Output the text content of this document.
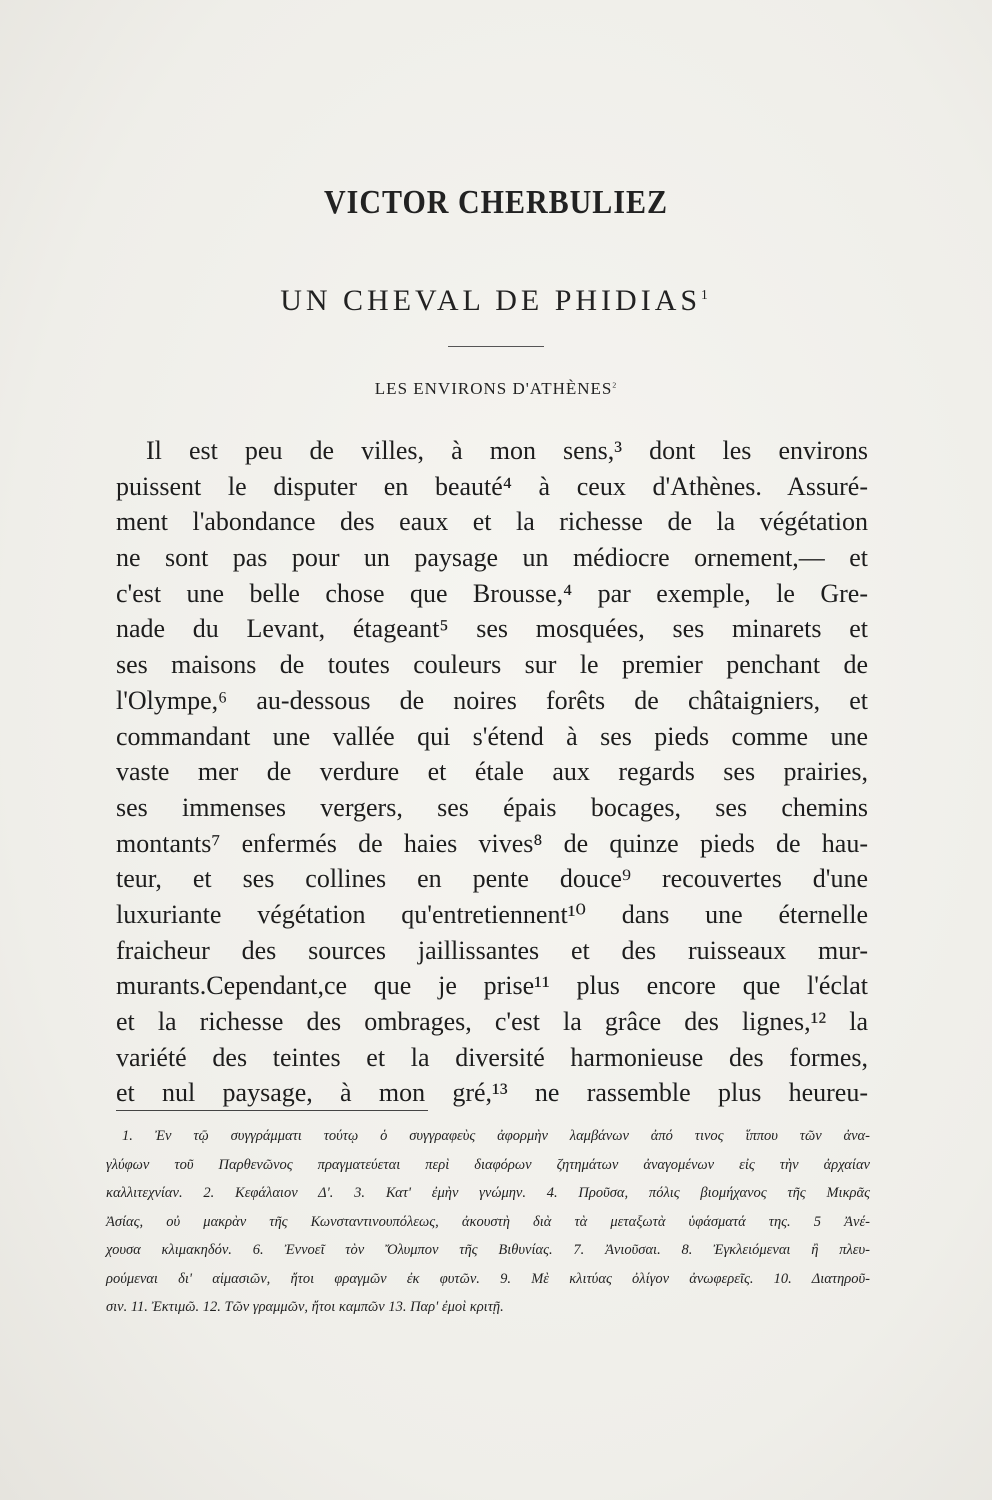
VICTOR CHERBULIEZ
UN CHEVAL DE PHIDIAS$^1$
LES ENVIRONS D'ATHÈNES$^2$
Il est peu de villes, à mon sens,³ dont les environs
puissent le disputer en beauté⁴ à ceux d'Athènes. Assuré-
ment l'abondance des eaux et la richesse de la végétation
ne sont pas pour un paysage un médiocre ornement,— et
c'est une belle chose que Brousse,⁴ par exemple, le Gre-
nade du Levant, étageant⁵ ses mosquées, ses minarets et
ses maisons de toutes couleurs sur le premier penchant de
l'Olympe,⁶ au-dessous de noires forêts de châtaigniers, et
commandant une vallée qui s'étend à ses pieds comme une
vaste mer de verdure et étale aux regards ses prairies,
ses immenses vergers, ses épais bocages, ses chemins
montants⁷ enfermés de haies vives⁸ de quinze pieds de hau-
teur, et ses collines en pente douce⁹ recouvertes d'une
luxuriante végétation qu'entretiennent¹⁰ dans une éternelle
fraicheur des sources jaillissantes et des ruisseaux mur-
murants.Cependant,ce que je prise¹¹ plus encore que l'éclat
et la richesse des ombrages, c'est la grâce des lignes,¹² la
variété des teintes et la diversité harmonieuse des formes,
et nul paysage, à mon gré,¹³ ne rassemble plus heureu-
1. Ἐν τῷ συγγράμματι τούτῳ ὁ συγγραφεὺς ἀφορμὴν λαμβάνων ἀπό τινος ἵππου τῶν ἀνα-
γλύφων τοῦ Παρθενῶνος πραγματεύεται περὶ διαφόρων ζητημάτων ἀναγομένων εἰς τὴν ἀρχαίαν
καλλιτεχνίαν. 2. Κεφάλαιον Δ'. 3. Κατ' ἐμὴν γνώμην. 4. Προῦσα, πόλις βιομήχανος τῆς Μικρᾶς
Ἀσίας, οὐ μακρὰν τῆς Κωνσταντινουπόλεως, ἀκουστὴ διὰ τὰ μεταξωτὰ ὑφάσματά της. 5 Ἀνέ-
χουσα κλιμακηδόν. 6. Ἐννοεῖ τὸν Ὄλυμπον τῆς Βιθυνίας. 7. Ἀνιοῦσαι. 8. Ἐγκλειόμεναι ἢ πλευ-
ρούμεναι δι' αἱμασιῶν, ἤτοι φραγμῶν ἐκ φυτῶν. 9. Μὲ κλιτύας ὀλίγον ἀνωφερεῖς. 10. Διατηροῦ-
σιν. 11. Ἐκτιμῶ. 12. Τῶν γραμμῶν, ἤτοι καμπῶν 13. Παρ' ἐμοὶ κριτῇ.
